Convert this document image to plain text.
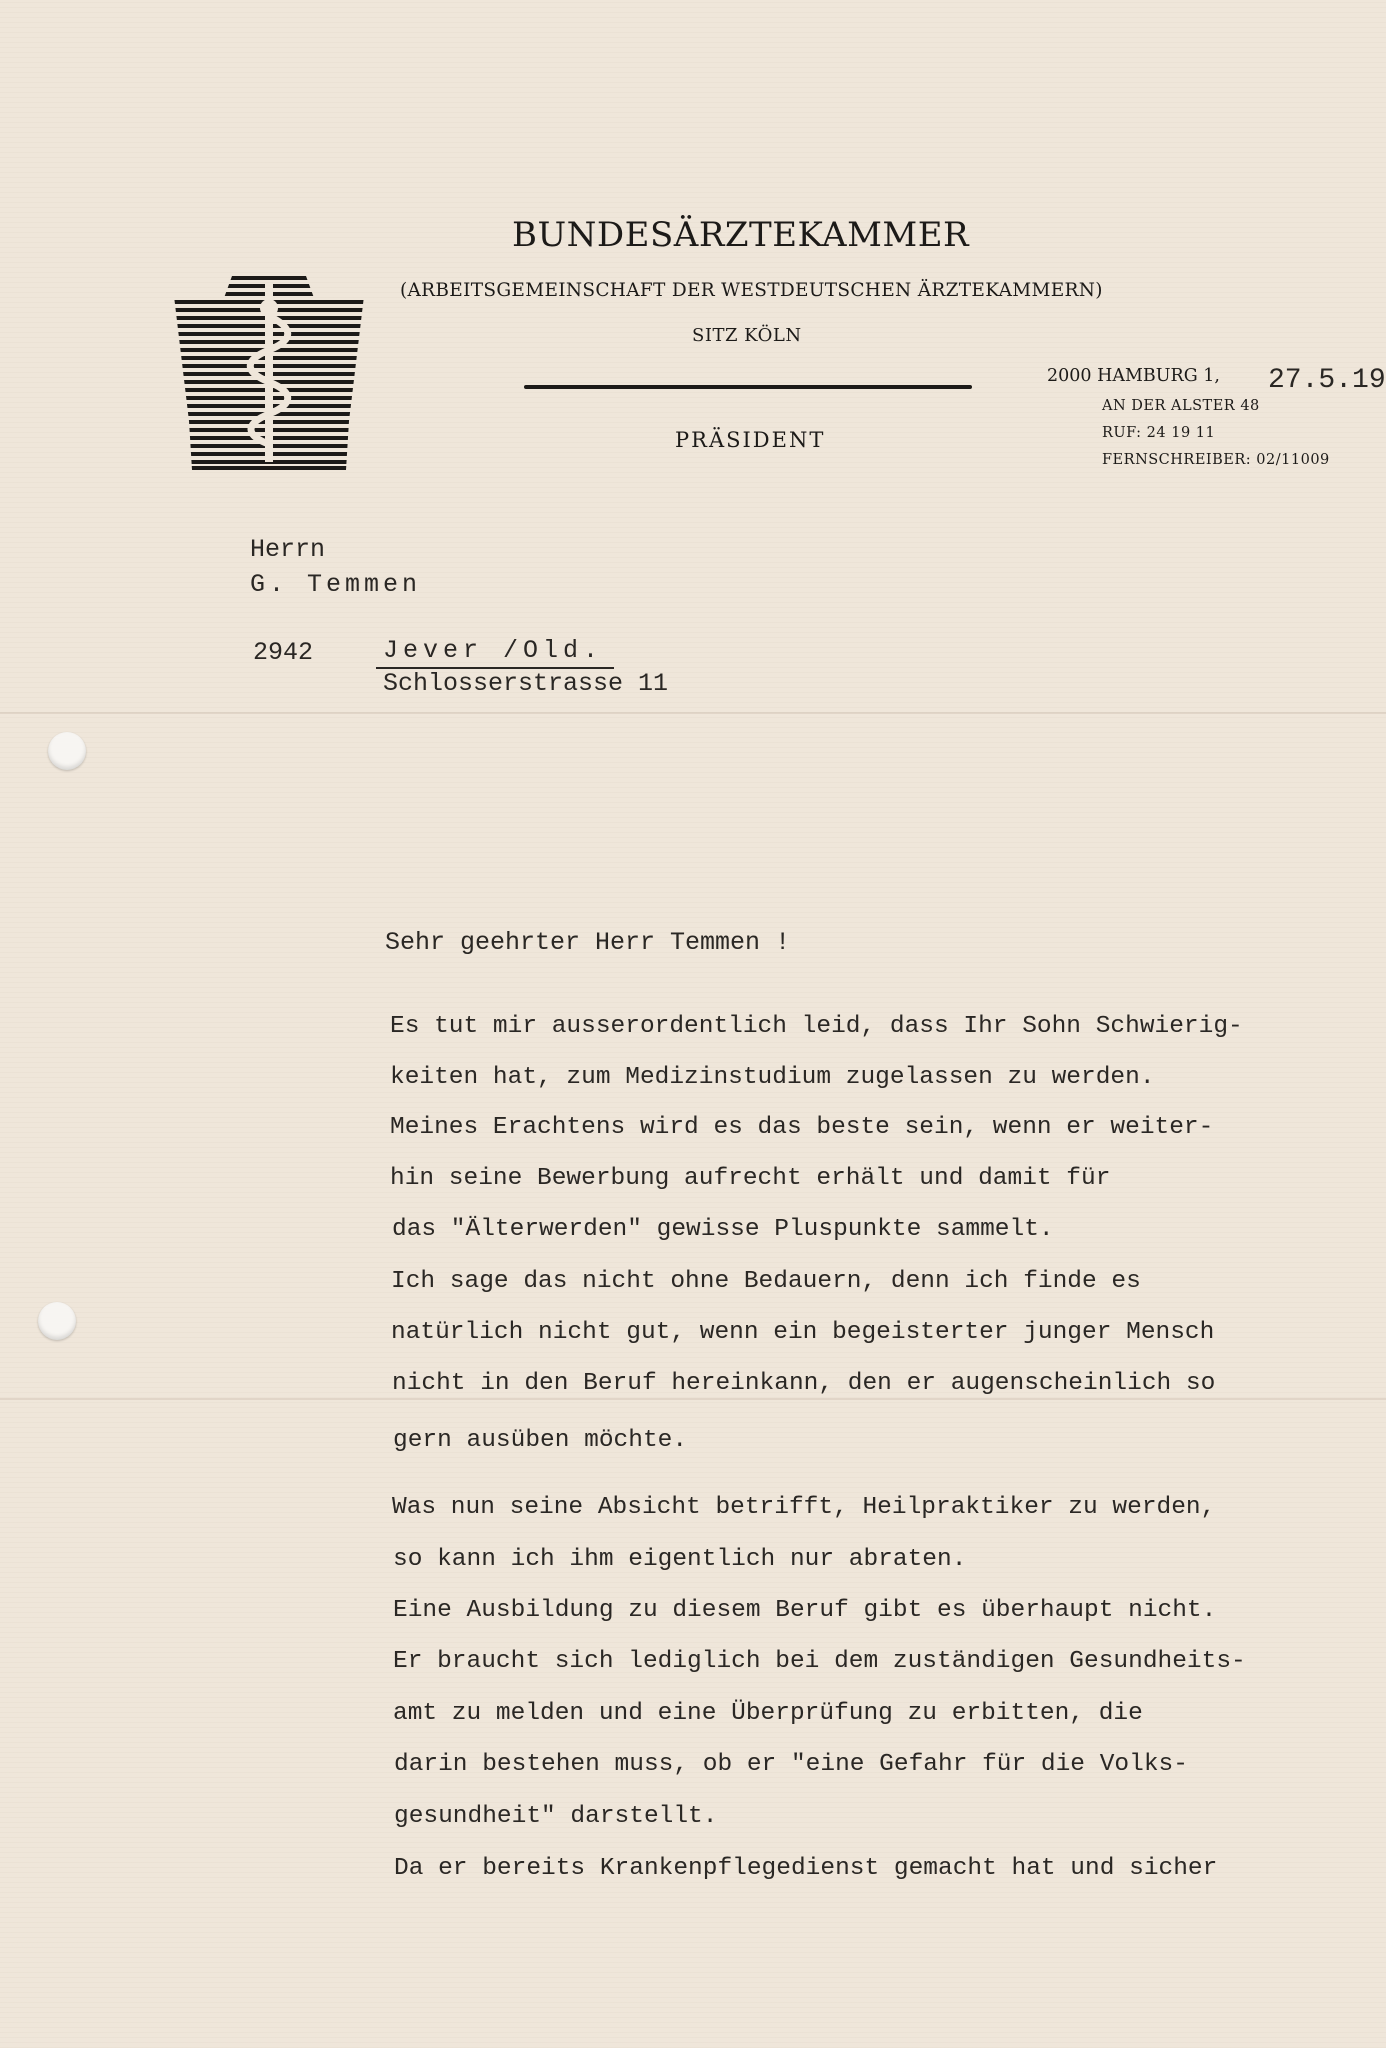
BUNDESÄRZTEKAMMER
(ARBEITSGEMEINSCHAFT DER WESTDEUTSCHEN ÄRZTEKAMMERN)
SITZ KÖLN
PRÄSIDENT
2000 HAMBURG 1, 27.5.19
AN DER ALSTER 48
RUF: 24 19 11
FERNSCHREIBER: 02/11009
Herrn
G. Temmen
2942	Jever /Old.
Schlosserstrasse 11
Sehr geehrter Herr Temmen !
Es tut mir ausserordentlich leid, dass Ihr Sohn Schwierig-
keiten hat, zum Medizinstudium zugelassen zu werden.
Meines Erachtens wird es das beste sein, wenn er weiter-
hin seine Bewerbung aufrecht erhält und damit für
das "Älterwerden" gewisse Pluspunkte sammelt.
Ich sage das nicht ohne Bedauern, denn ich finde es
natürlich nicht gut, wenn ein begeisterter junger Mensch
nicht in den Beruf hereinkann, den er augenscheinlich so
gern ausüben möchte.
Was nun seine Absicht betrifft, Heilpraktiker zu werden,
so kann ich ihm eigentlich nur abraten.
Eine Ausbildung zu diesem Beruf gibt es überhaupt nicht.
Er braucht sich lediglich bei dem zuständigen Gesundheits-
amt zu melden und eine Überprüfung zu erbitten, die
darin bestehen muss, ob er "eine Gefahr für die Volks-
gesundheit" darstellt.
Da er bereits Krankenpflegedienst gemacht hat und sicher
